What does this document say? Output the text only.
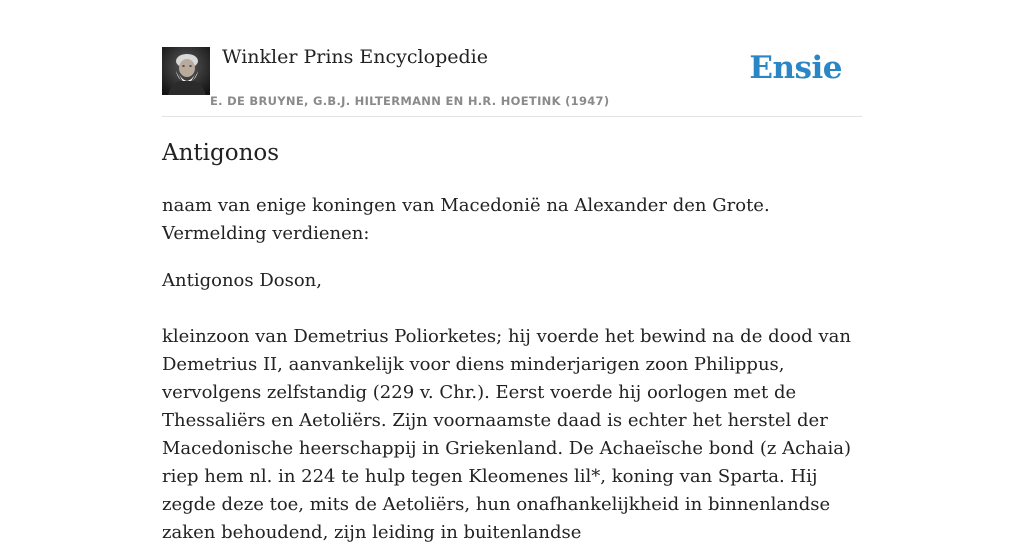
Winkler Prins Encyclopedie
E. DE BRUYNE, G.B.J. HILTERMANN EN H.R. HOETINK (1947)
Ensie
Antigonos

naam van enige koningen van Macedonië na Alexander den Grote. Vermelding verdienen:

Antigonos Doson,

kleinzoon van Demetrius Poliorketes; hij voerde het bewind na de dood van Demetrius II, aanvankelijk voor diens minderjarigen zoon Philippus, vervolgens zelfstandig (229 v. Chr.). Eerst voerde hij oorlogen met de Thessaliërs en Aetoliërs. Zijn voornaamste daad is echter het herstel der Macedonische heerschappij in Griekenland. De Achaeïsche bond (z Achaia) riep hem nl. in 224 te hulp tegen Kleomenes lil*, koning van Sparta. Hij zegde deze toe, mits de Aetoliërs, hun onafhankelijkheid in binnenlandse zaken behoudend, zijn leiding in buitenlandse
